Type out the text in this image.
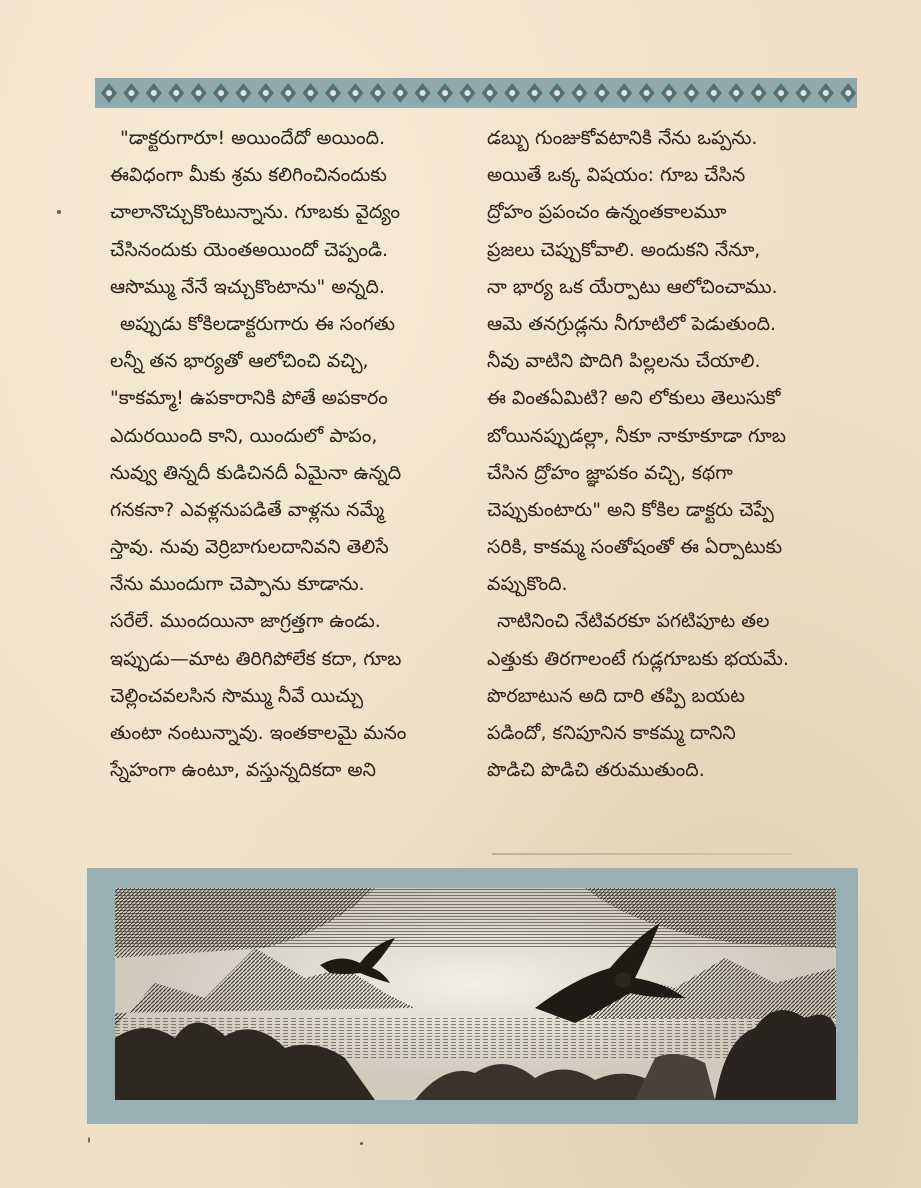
"డాక్టరుగారూ! అయిందేదో అయింది.
ఈవిధంగా మీకు శ్రమ కలిగించినందుకు
చాలానొచ్చుకొంటున్నాను. గూబకు వైద్యం
చేసినందుకు యెంతఅయిందో చెప్పండి.
ఆసొమ్ము నేనే ఇచ్చుకొంటాను" అన్నది.
అప్పుడు కోకిలడాక్టరుగారు ఈ సంగతు
లన్నీ తన భార్యతో ఆలోచించి వచ్చి,
"కాకమ్మా! ఉపకారానికి పోతే అపకారం
ఎదురయింది కాని, యిందులో పాపం,
నువ్వు తిన్నదీ కుడిచినదీ ఏమైనా ఉన్నది
గనకనా? ఎవళ్లనుపడితే వాళ్లను నమ్మే
స్తావు. నువు వెర్రిబాగులదానివని తెలిసే
నేను ముందుగా చెప్పాను కూడాను.
సరేలే. ముందయినా జాగ్రత్తగా ఉండు.
ఇప్పుడు—మాట తిరిగిపోలేక కదా, గూబ
చెల్లించవలసిన సొమ్ము నీవే యిచ్చు
తుంటా నంటున్నావు. ఇంతకాలమై మనం
స్నేహంగా ఉంటూ, వస్తున్నదికదా అని
డబ్బు గుంజుకోవటానికి నేను ఒప్పను.
అయితే ఒక్క విషయం: గూబ చేసిన
ద్రోహం ప్రపంచం ఉన్నంతకాలమూ
ప్రజలు చెప్పుకోవాలి. అందుకని నేనూ,
నా భార్య ఒక యేర్పాటు ఆలోచించాము.
ఆమె తనగ్రుడ్లను నీగూటిలో పెడుతుంది.
నీవు వాటిని పొదిగి పిల్లలను చేయాలి.
ఈ వింతఏమిటి? అని లోకులు తెలుసుకో
బోయినప్పుడల్లా, నీకూ నాకూకూడా గూబ
చేసిన ద్రోహం జ్ఞాపకం వచ్చి, కథగా
చెప్పుకుంటారు" అని కోకిల డాక్టరు చెప్పే
సరికి, కాకమ్మ సంతోషంతో ఈ ఏర్పాటుకు
వప్పుకొంది.
నాటినించి నేటివరకూ పగటిపూట తల
ఎత్తుకు తిరగాలంటే గుడ్లగూబకు భయమే.
పొరబాటున అది దారి తప్పి బయట
పడిందో, కనిపూనిన కాకమ్మ దానిని
పొడిచి పొడిచి తరుముతుంది.
